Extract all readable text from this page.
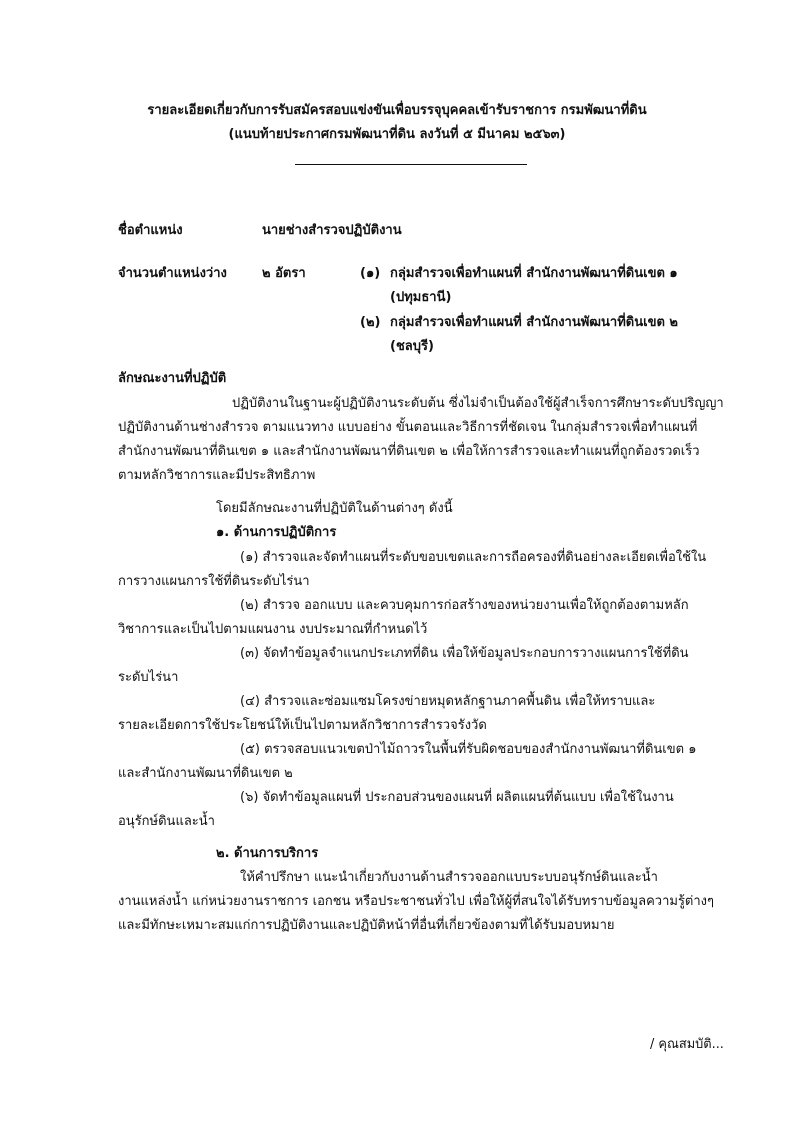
รายละเอียดเกี่ยวกับการรับสมัครสอบแข่งขันเพื่อบรรจุบุคคลเข้ารับราชการ กรมพัฒนาที่ดิน
(แนบท้ายประกาศกรมพัฒนาที่ดิน ลงวันที่ ๕ มีนาคม ๒๕๖๓)
ชื่อตำแหน่ง	นายช่างสำรวจปฏิบัติงาน
จำนวนตำแหน่งว่าง	๒ อัตรา	(๑) กลุ่มสำรวจเพื่อทำแผนที่ สำนักงานพัฒนาที่ดินเขต ๑
(ปทุมธานี)
(๒) กลุ่มสำรวจเพื่อทำแผนที่ สำนักงานพัฒนาที่ดินเขต ๒
(ชลบุรี)
ลักษณะงานที่ปฏิบัติ
ปฏิบัติงานในฐานะผู้ปฏิบัติงานระดับต้น ซึ่งไม่จำเป็นต้องใช้ผู้สำเร็จการศึกษาระดับปริญญา
ปฏิบัติงานด้านช่างสำรวจ ตามแนวทาง แบบอย่าง ขั้นตอนและวิธีการที่ชัดเจน ในกลุ่มสำรวจเพื่อทำแผนที่
สำนักงานพัฒนาที่ดินเขต ๑ และสำนักงานพัฒนาที่ดินเขต ๒ เพื่อให้การสำรวจและทำแผนที่ถูกต้องรวดเร็ว
ตามหลักวิชาการและมีประสิทธิภาพ
โดยมีลักษณะงานที่ปฏิบัติในด้านต่างๆ ดังนี้
๑. ด้านการปฏิบัติการ
(๑) สำรวจและจัดทำแผนที่ระดับขอบเขตและการถือครองที่ดินอย่างละเอียดเพื่อใช้ใน
การวางแผนการใช้ที่ดินระดับไร่นา
(๒) สำรวจ ออกแบบ และควบคุมการก่อสร้างของหน่วยงานเพื่อให้ถูกต้องตามหลัก
วิชาการและเป็นไปตามแผนงาน งบประมาณที่กำหนดไว้
(๓) จัดทำข้อมูลจำแนกประเภทที่ดิน เพื่อให้ข้อมูลประกอบการวางแผนการใช้ที่ดิน
ระดับไร่นา
(๔) สำรวจและซ่อมแซมโครงข่ายหมุดหลักฐานภาคพื้นดิน เพื่อให้ทราบและ
รายละเอียดการใช้ประโยชน์ให้เป็นไปตามหลักวิชาการสำรวจรังวัด
(๕) ตรวจสอบแนวเขตป่าไม้ถาวรในพื้นที่รับผิดชอบของสำนักงานพัฒนาที่ดินเขต ๑
และสำนักงานพัฒนาที่ดินเขต ๒
(๖) จัดทำข้อมูลแผนที่ ประกอบส่วนของแผนที่ ผลิตแผนที่ต้นแบบ เพื่อใช้ในงาน
อนุรักษ์ดินและน้ำ
๒. ด้านการบริการ
ให้คำปรึกษา แนะนำเกี่ยวกับงานด้านสำรวจออกแบบระบบอนุรักษ์ดินและน้ำ
งานแหล่งน้ำ แก่หน่วยงานราชการ เอกชน หรือประชาชนทั่วไป เพื่อให้ผู้ที่สนใจได้รับทราบข้อมูลความรู้ต่างๆ
และมีทักษะเหมาะสมแก่การปฏิบัติงานและปฏิบัติหน้าที่อื่นที่เกี่ยวข้องตามที่ได้รับมอบหมาย
/ คุณสมบัติ...
